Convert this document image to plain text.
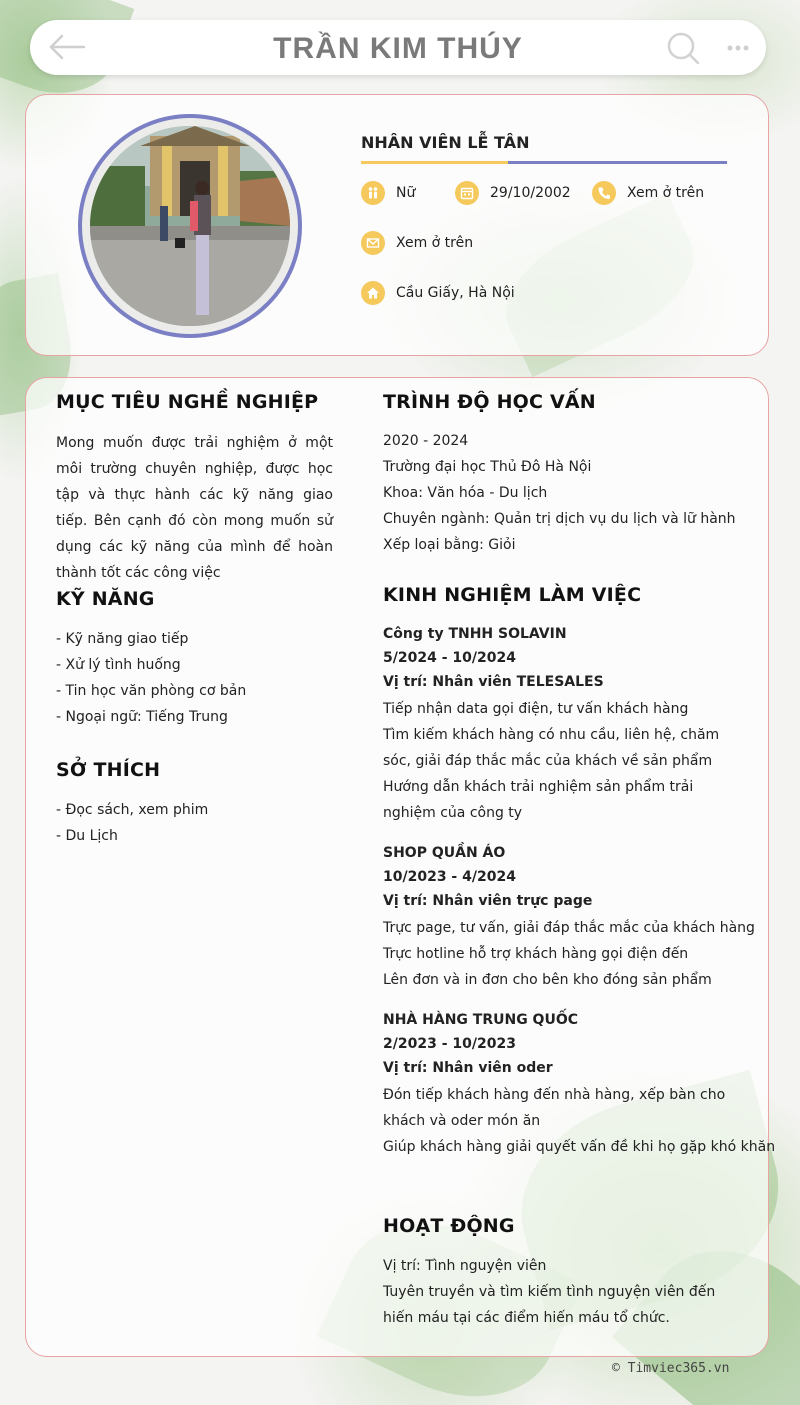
TRẦN KIM THÚY
NHÂN VIÊN LỄ TÂN
Nữ	29/10/2002	Xem ở trên
Xem ở trên
Cầu Giấy, Hà Nội
MỤC TIÊU NGHỀ NGHIỆP
Mong muốn được trải nghiệm ở một môi trường chuyên nghiệp, được học tập và thực hành các kỹ năng giao tiếp. Bên cạnh đó còn mong muốn sử dụng các kỹ năng của mình để hoàn thành tốt các công việc
KỸ NĂNG
- Kỹ năng giao tiếp
- Xử lý tình huống
- Tin học văn phòng cơ bản
- Ngoại ngữ: Tiếng Trung
SỞ THÍCH
- Đọc sách, xem phim
- Du Lịch
TRÌNH ĐỘ HỌC VẤN
2020 - 2024
Trường đại học Thủ Đô Hà Nội
Khoa: Văn hóa - Du lịch
Chuyên ngành: Quản trị dịch vụ du lịch và lữ hành
Xếp loại bằng: Giỏi
KINH NGHIỆM LÀM VIỆC
Công ty TNHH SOLAVIN
5/2024 - 10/2024
Vị trí: Nhân viên TELESALES
Tiếp nhận data gọi điện, tư vấn khách hàng
Tìm kiếm khách hàng có nhu cầu, liên hệ, chăm sóc, giải đáp thắc mắc của khách về sản phẩm
Hướng dẫn khách trải nghiệm sản phẩm trải nghiệm của công ty
SHOP QUẦN ÁO
10/2023 - 4/2024
Vị trí: Nhân viên trực page
Trực page, tư vấn, giải đáp thắc mắc của khách hàng
Trực hotline hỗ trợ khách hàng gọi điện đến
Lên đơn và in đơn cho bên kho đóng sản phẩm
NHÀ HÀNG TRUNG QUỐC
2/2023 - 10/2023
Vị trí: Nhân viên oder
Đón tiếp khách hàng đến nhà hàng, xếp bàn cho khách và oder món ăn
Giúp khách hàng giải quyết vấn đề khi họ gặp khó khăn
HOẠT ĐỘNG
Vị trí: Tình nguyện viên
Tuyên truyền và tìm kiếm tình nguyện viên đến hiến máu tại các điểm hiến máu tổ chức.
© Timviec365.vn
